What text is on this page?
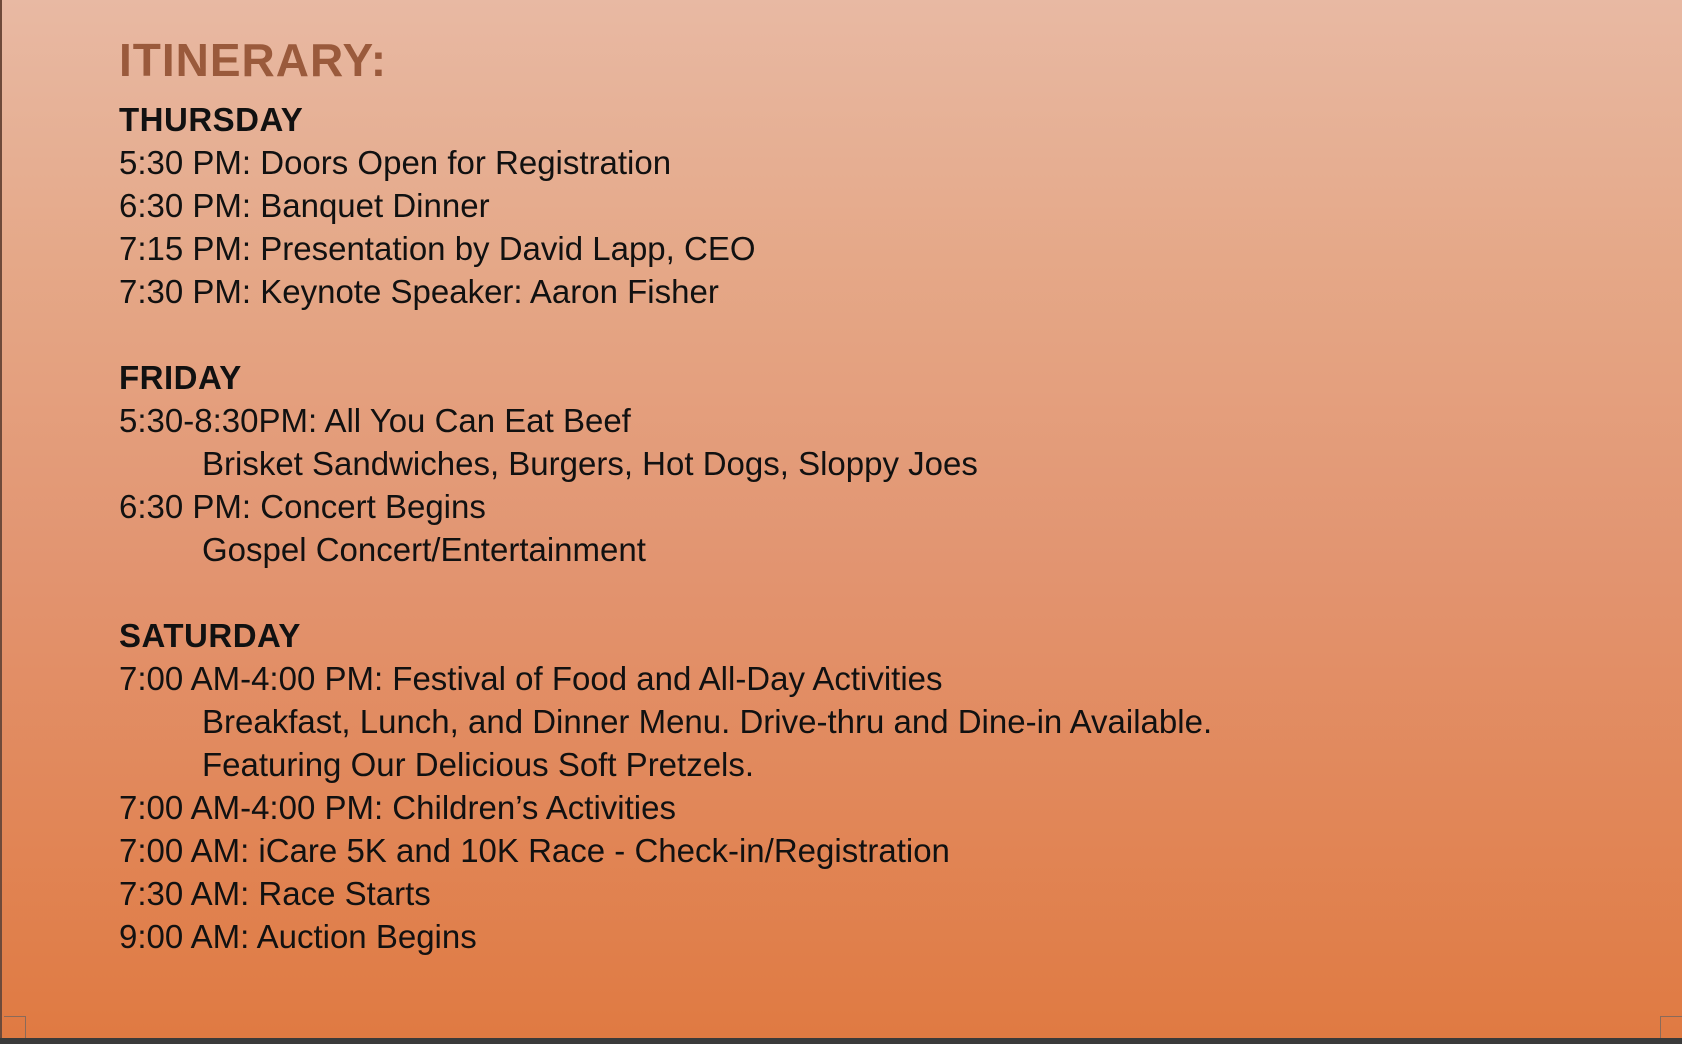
ITINERARY:
THURSDAY
5:30 PM: Doors Open for Registration
6:30 PM: Banquet Dinner
7:15 PM: Presentation by David Lapp, CEO
7:30 PM: Keynote Speaker: Aaron Fisher
FRIDAY
5:30-8:30PM: All You Can Eat Beef
Brisket Sandwiches, Burgers, Hot Dogs, Sloppy Joes
6:30 PM: Concert Begins
Gospel Concert/Entertainment
SATURDAY
7:00 AM-4:00 PM: Festival of Food and All-Day Activities
Breakfast, Lunch, and Dinner Menu. Drive-thru and Dine-in Available.
Featuring Our Delicious Soft Pretzels.
7:00 AM-4:00 PM: Children’s Activities
7:00 AM: iCare 5K and 10K Race - Check-in/Registration
7:30 AM: Race Starts
9:00 AM: Auction Begins
